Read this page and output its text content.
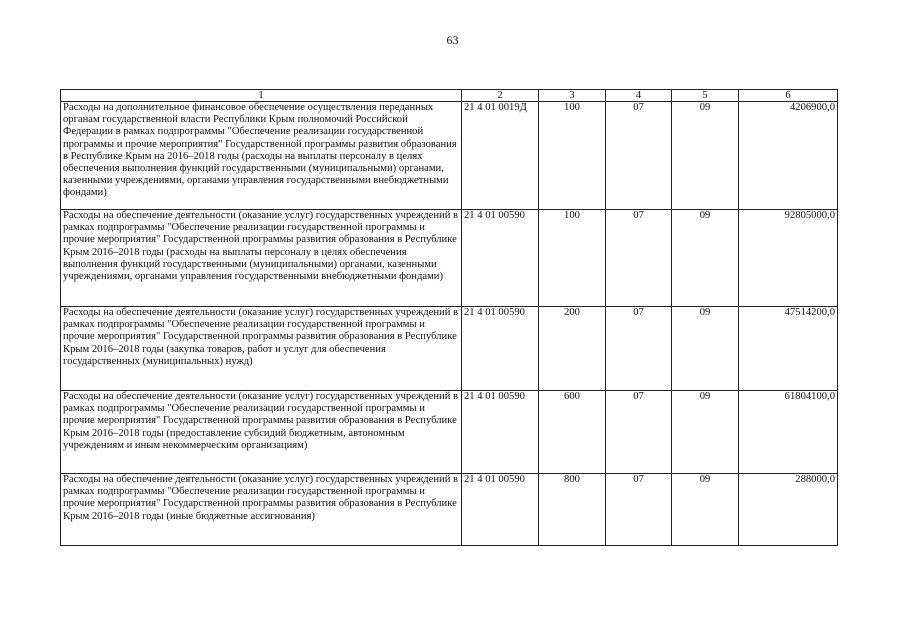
63
1	2	3	4	5	6
Расходы на дополнительное финансовое обеспечение осуществления переданных органам государственной власти Республики Крым полномочий Российской Федерации в рамках подпрограммы "Обеспечение реализации государственной программы и прочие мероприятия" Государственной программы развития образования в Республике Крым на 2016–2018 годы (расходы на выплаты персоналу в целях обеспечения выполнения функций государственными (муниципальными) органами, казенными учреждениями, органами управления государственными внебюджетными фондами)	21 4 01 0019Д	100	07	09	4206900,0
Расходы на обеспечение деятельности (оказание услуг) государственных учреждений в рамках подпрограммы "Обеспечение реализации государственной программы и прочие мероприятия" Государственной программы развития образования в Республике Крым 2016–2018 годы (расходы на выплаты персоналу в целях обеспечения выполнения функций государственными (муниципальными) органами, казенными учреждениями, органами управления государственными внебюджетными фондами)	21 4 01 00590	100	07	09	92805000,0
Расходы на обеспечение деятельности (оказание услуг) государственных учреждений в рамках подпрограммы "Обеспечение реализации государственной программы и прочие мероприятия" Государственной программы развития образования в Республике Крым 2016–2018 годы (закупка товаров, работ и услуг для обеспечения государственных (муниципальных) нужд)	21 4 01 00590	200	07	09	47514200,0
Расходы на обеспечение деятельности (оказание услуг) государственных учреждений в рамках подпрограммы "Обеспечение реализации государственной программы и прочие мероприятия" Государственной программы развития образования в Республике Крым 2016–2018 годы (предоставление субсидий бюджетным, автономным учреждениям и иным некоммерческим организациям)	21 4 01 00590	600	07	09	61804100,0
Расходы на обеспечение деятельности (оказание услуг) государственных учреждений в рамках подпрограммы "Обеспечение реализации государственной программы и прочие мероприятия" Государственной программы развития образования в Республике Крым 2016–2018 годы (иные бюджетные ассигнования)	21 4 01 00590	800	07	09	288000,0
